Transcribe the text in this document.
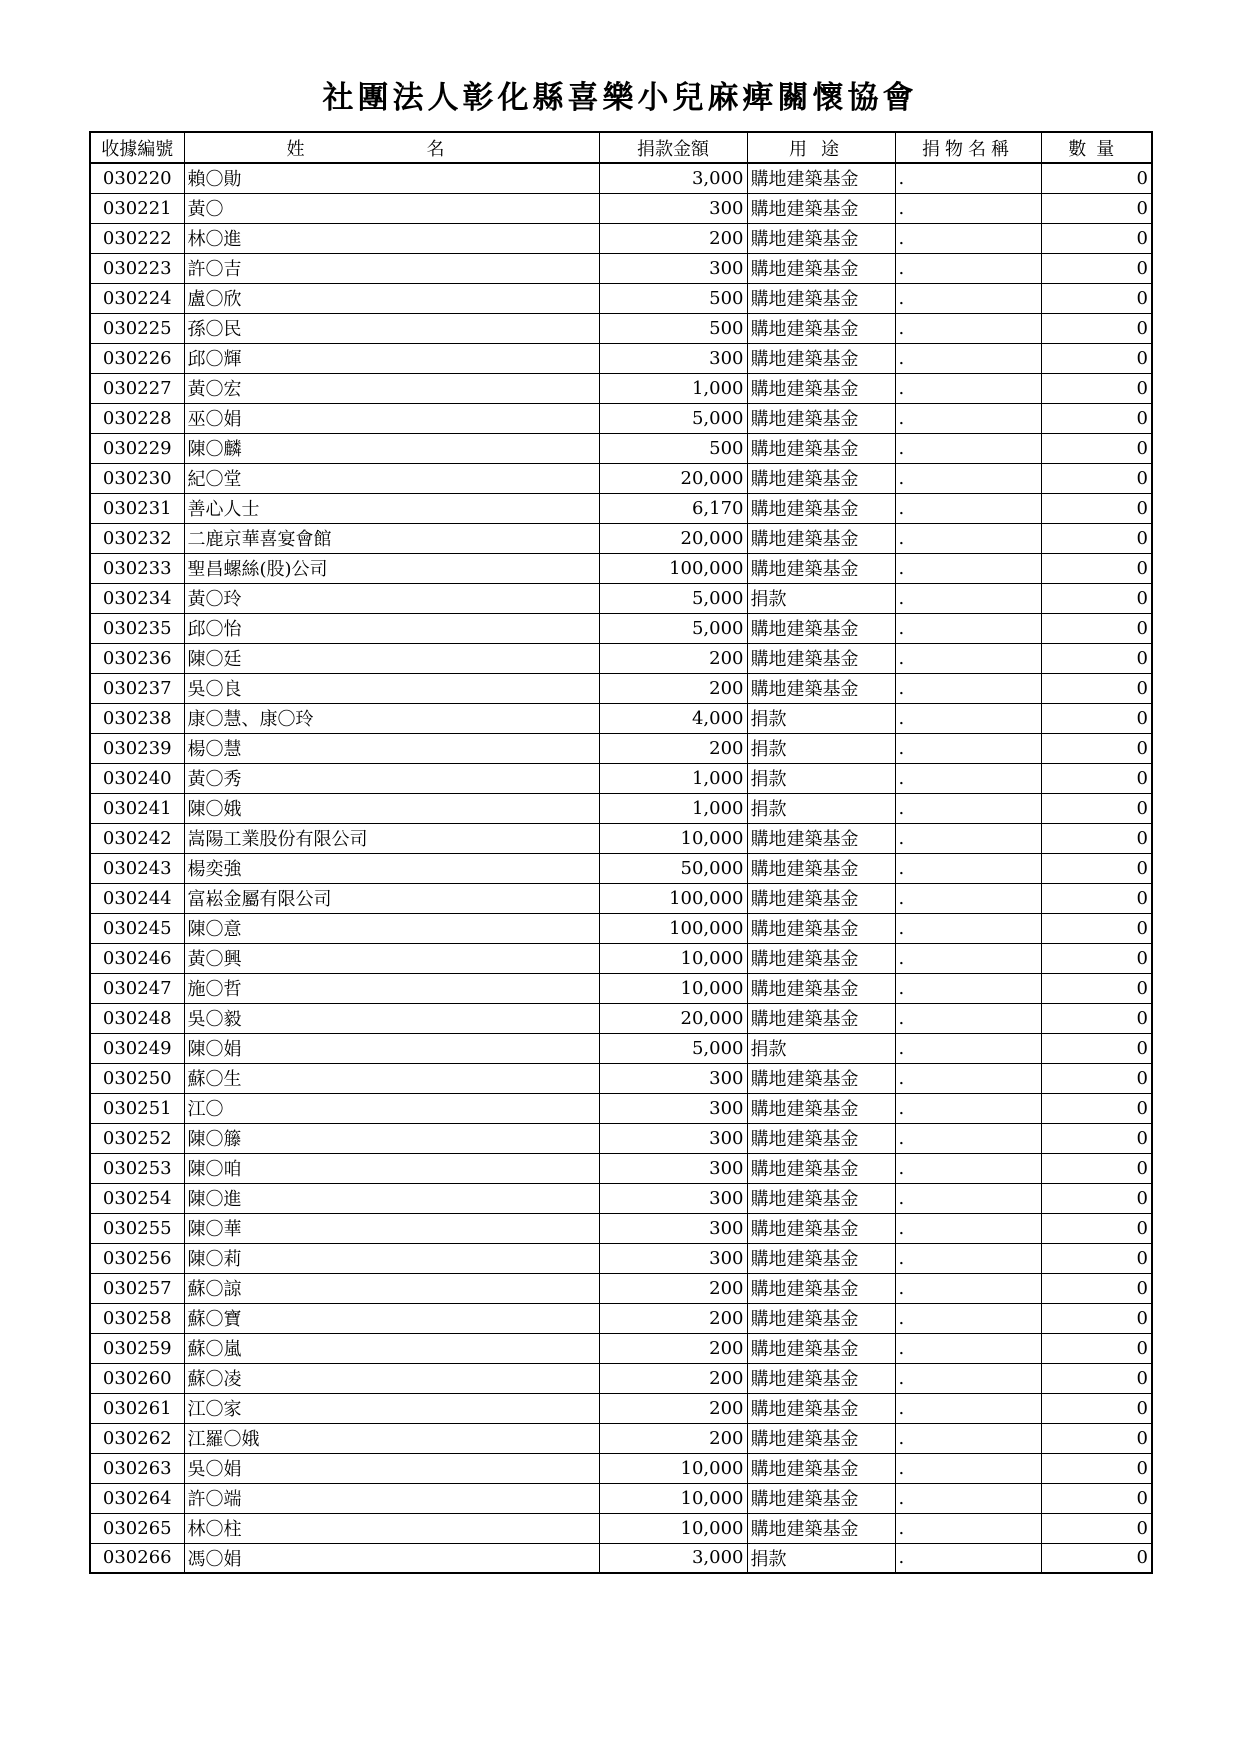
社團法人彰化縣喜樂小兒麻痺關懷協會
收據編號	姓　名	捐款金額	用途	捐物名稱	數量
030220	賴〇勛	3,000	購地建築基金	.	0
030221	黃〇	300	購地建築基金	.	0
030222	林〇進	200	購地建築基金	.	0
030223	許〇吉	300	購地建築基金	.	0
030224	盧〇欣	500	購地建築基金	.	0
030225	孫〇民	500	購地建築基金	.	0
030226	邱〇輝	300	購地建築基金	.	0
030227	黃〇宏	1,000	購地建築基金	.	0
030228	巫〇娟	5,000	購地建築基金	.	0
030229	陳〇麟	500	購地建築基金	.	0
030230	紀〇堂	20,000	購地建築基金	.	0
030231	善心人士	6,170	購地建築基金	.	0
030232	二鹿京華喜宴會館	20,000	購地建築基金	.	0
030233	聖昌螺絲(股)公司	100,000	購地建築基金	.	0
030234	黃〇玲	5,000	捐款	.	0
030235	邱〇怡	5,000	購地建築基金	.	0
030236	陳〇廷	200	購地建築基金	.	0
030237	吳〇良	200	購地建築基金	.	0
030238	康〇慧、康〇玲	4,000	捐款	.	0
030239	楊〇慧	200	捐款	.	0
030240	黃〇秀	1,000	捐款	.	0
030241	陳〇娥	1,000	捐款	.	0
030242	嵩陽工業股份有限公司	10,000	購地建築基金	.	0
030243	楊奕強	50,000	購地建築基金	.	0
030244	富崧金屬有限公司	100,000	購地建築基金	.	0
030245	陳〇意	100,000	購地建築基金	.	0
030246	黃〇興	10,000	購地建築基金	.	0
030247	施〇哲	10,000	購地建築基金	.	0
030248	吳〇毅	20,000	購地建築基金	.	0
030249	陳〇娟	5,000	捐款	.	0
030250	蘇〇生	300	購地建築基金	.	0
030251	江〇	300	購地建築基金	.	0
030252	陳〇籐	300	購地建築基金	.	0
030253	陳〇咱	300	購地建築基金	.	0
030254	陳〇進	300	購地建築基金	.	0
030255	陳〇華	300	購地建築基金	.	0
030256	陳〇莉	300	購地建築基金	.	0
030257	蘇〇諒	200	購地建築基金	.	0
030258	蘇〇寶	200	購地建築基金	.	0
030259	蘇〇嵐	200	購地建築基金	.	0
030260	蘇〇凌	200	購地建築基金	.	0
030261	江〇家	200	購地建築基金	.	0
030262	江羅〇娥	200	購地建築基金	.	0
030263	吳〇娟	10,000	購地建築基金	.	0
030264	許〇端	10,000	購地建築基金	.	0
030265	林〇柱	10,000	購地建築基金	.	0
030266	馮〇娟	3,000	捐款	.	0
